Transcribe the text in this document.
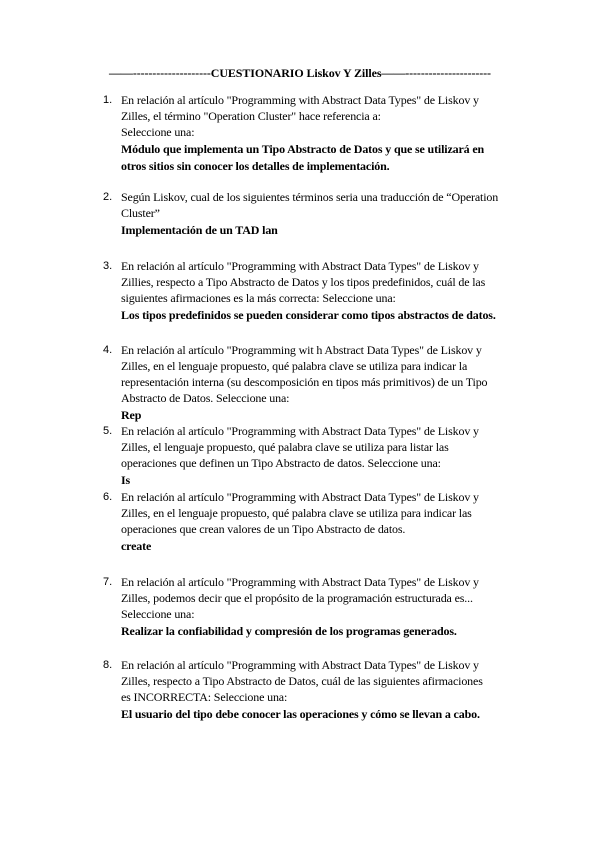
——--------------------CUESTIONARIO Liskov Y Zilles——----------------------
1. En relación al artículo "Programming with Abstract Data Types" de Liskov y
Zilles, el término "Operation Cluster" hace referencia a:
Seleccione una:
Módulo que implementa un Tipo Abstracto de Datos y que se utilizará en
otros sitios sin conocer los detalles de implementación.
2. Según Liskov, cual de los siguientes términos seria una traducción de “Operation
Cluster”
Implementación de un TAD lan
3. En relación al artículo "Programming with Abstract Data Types" de Liskov y
Zillies, respecto a Tipo Abstracto de Datos y los tipos predefinidos, cuál de las
siguientes afirmaciones es la más correcta: Seleccione una:
Los tipos predefinidos se pueden considerar como tipos abstractos de datos.
4. En relación al artículo "Programming wit h Abstract Data Types" de Liskov y
Zilles, en el lenguaje propuesto, qué palabra clave se utiliza para indicar la
representación interna (su descomposición en tipos más primitivos) de un Tipo
Abstracto de Datos. Seleccione una:
Rep
5. En relación al artículo "Programming with Abstract Data Types" de Liskov y
Zilles, el lenguaje propuesto, qué palabra clave se utiliza para listar las
operaciones que definen un Tipo Abstracto de datos. Seleccione una:
Is
6. En relación al artículo "Programming with Abstract Data Types" de Liskov y
Zilles, en el lenguaje propuesto, qué palabra clave se utiliza para indicar las
operaciones que crean valores de un Tipo Abstracto de datos.
create
7. En relación al artículo "Programming with Abstract Data Types" de Liskov y
Zilles, podemos decir que el propósito de la programación estructurada es...
Seleccione una:
Realizar la confiabilidad y compresión de los programas generados.
8. En relación al artículo "Programming with Abstract Data Types" de Liskov y
Zilles, respecto a Tipo Abstracto de Datos, cuál de las siguientes afirmaciones
es INCORRECTA: Seleccione una:
El usuario del tipo debe conocer las operaciones y cómo se llevan a cabo.
